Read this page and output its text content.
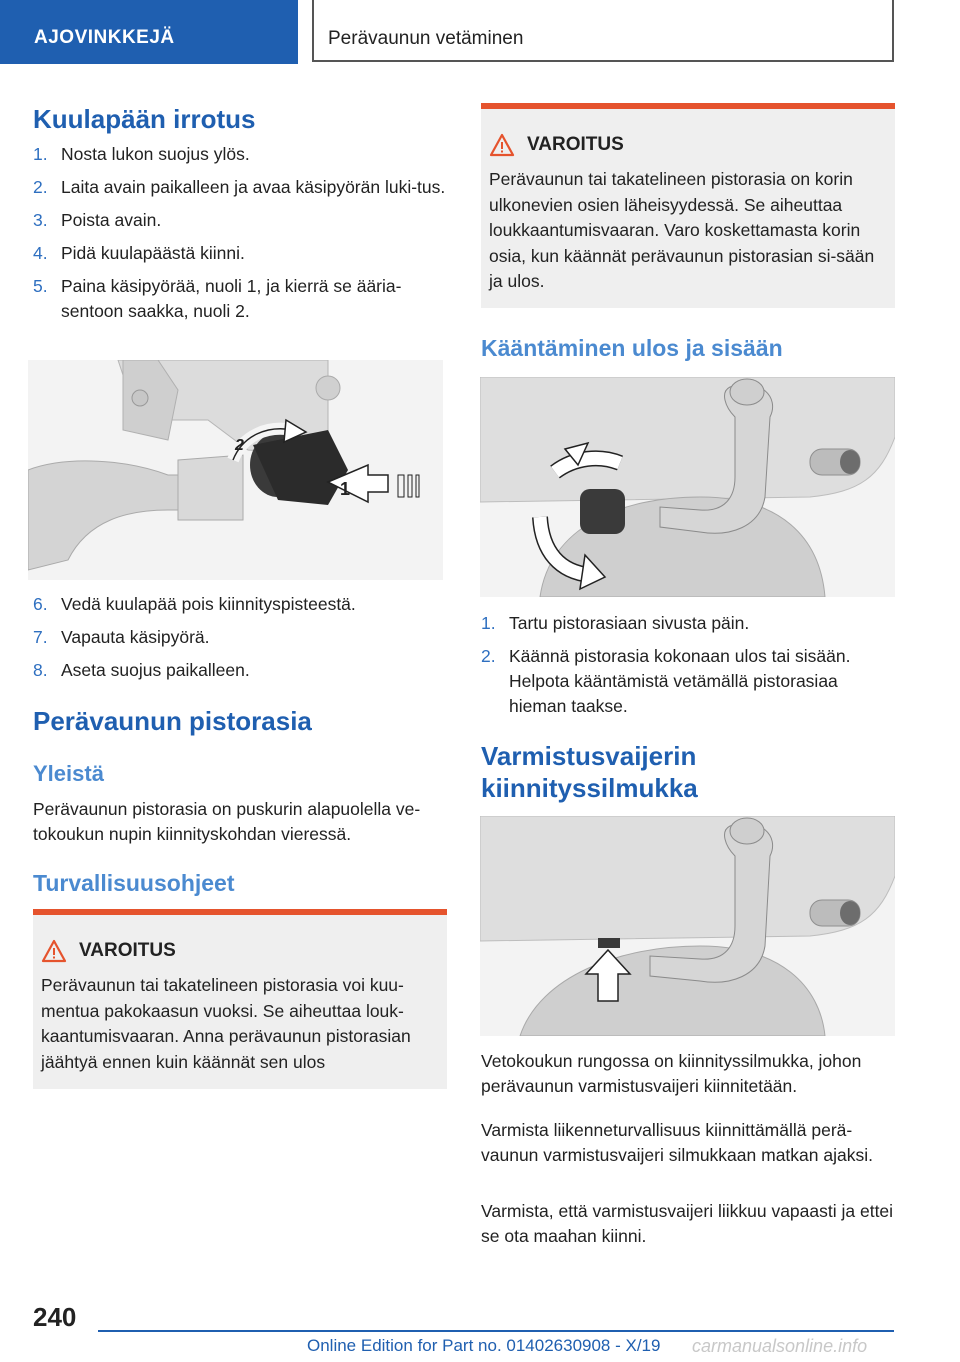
AJOVINKKEJÄ	Perävaunun vetäminen
Kuulapään irrotus
1. Nosta lukon suojus ylös.
2. Laita avain paikalleen ja avaa käsipyörän luki-tus.
3. Poista avain.
4. Pidä kuulapäästä kiinni.
5. Paina käsipyörää, nuoli 1, ja kierrä se ääria-sentoon saakka, nuoli 2.
1
2
6. Vedä kuulapää pois kiinnityspisteestä.
7. Vapauta käsipyörä.
8. Aseta suojus paikalleen.
Perävaunun pistorasia
Yleistä

Perävaunun pistorasia on puskurin alapuolella ve-tokoukun nupin kiinnityskohdan vieressä.

Turvallisuusohjeet
VAROITUS
Perävaunun tai takatelineen pistorasia voi kuu-mentua pakokaasun vuoksi. Se aiheuttaa louk-kaantumisvaaran. Anna perävaunun pistorasian jäähtyä ennen kuin käännät sen ulos
VAROITUS
Perävaunun tai takatelineen pistorasia on korin ulkonevien osien läheisyydessä. Se aiheuttaa loukkaantumisvaaran. Varo koskettamasta korin osia, kun käännät perävaunun pistorasian si-sään ja ulos.
Kääntäminen ulos ja sisään
1. Tartu pistorasiaan sivusta päin.
2. Käännä pistorasia kokonaan ulos tai sisään. Helpota kääntämistä vetämällä pistorasiaa hieman taakse.
Varmistusvaijerin
kiinnityssilmukka

Vetokoukun rungossa on kiinnityssilmukka, johon perävaunun varmistusvaijeri kiinnitetään.

Varmista liikenneturvallisuus kiinnittämällä perä-vaunun varmistusvaijeri silmukkaan matkan ajaksi.

Varmista, että varmistusvaijeri liikkuu vapaasti ja ettei se ota maahan kiinni.

240
Online Edition for Part no. 01402630908 - X/19 carmanualsonline.info
